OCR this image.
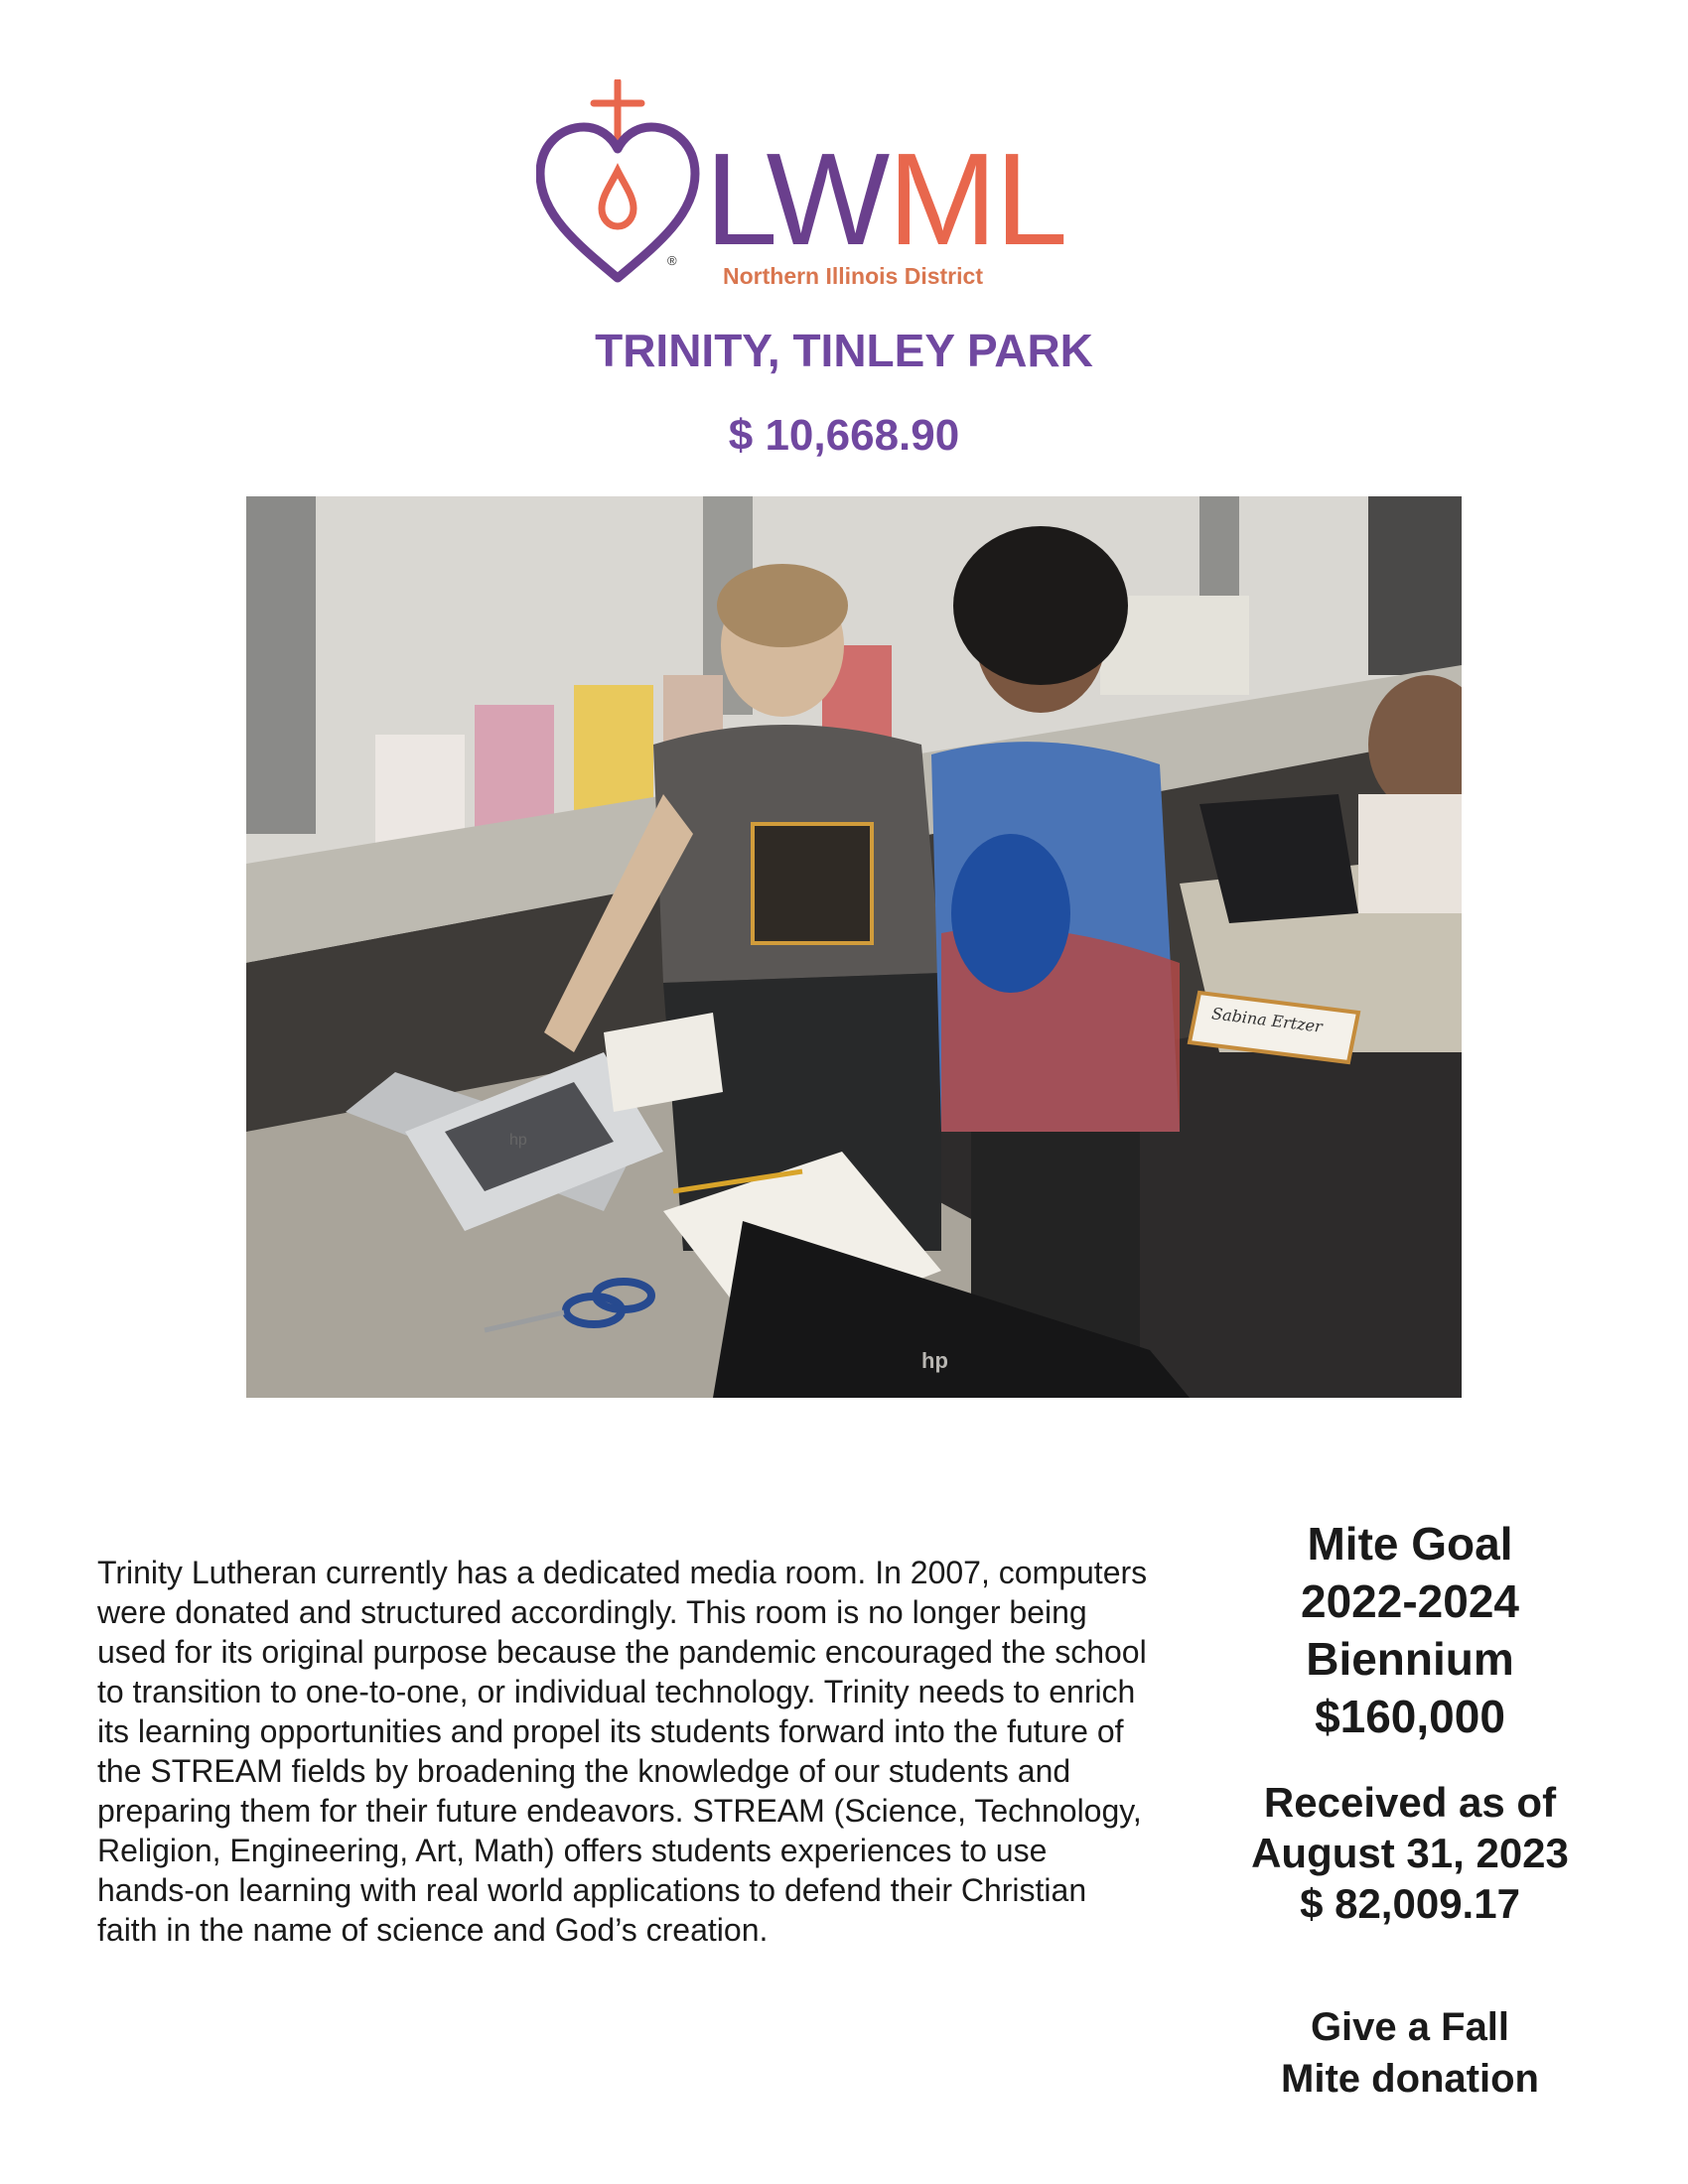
LWML
®
Northern Illinois District
TRINITY, TINLEY PARK
$ 10,668.90
hp
hp
Sabina Ertzer
Trinity Lutheran currently has a dedicated media room. In 2007, computers were donated and structured accordingly. This room is no longer being used for its original purpose because the pandemic encouraged the school to transition to one-to-one, or individual technology. Trinity needs to enrich its learning opportunities and propel its students forward into the future of the STREAM fields by broadening the knowledge of our students and preparing them for their future endeavors. STREAM (Science, Technology, Religion, Engineering, Art, Math) offers students experiences to use hands-on learning with real world applications to defend their Christian faith in the name of science and God’s creation.
Mite Goal
2022-2024
Biennium
$160,000
Received as of
August 31, 2023
$ 82,009.17
Give a Fall
Mite donation
